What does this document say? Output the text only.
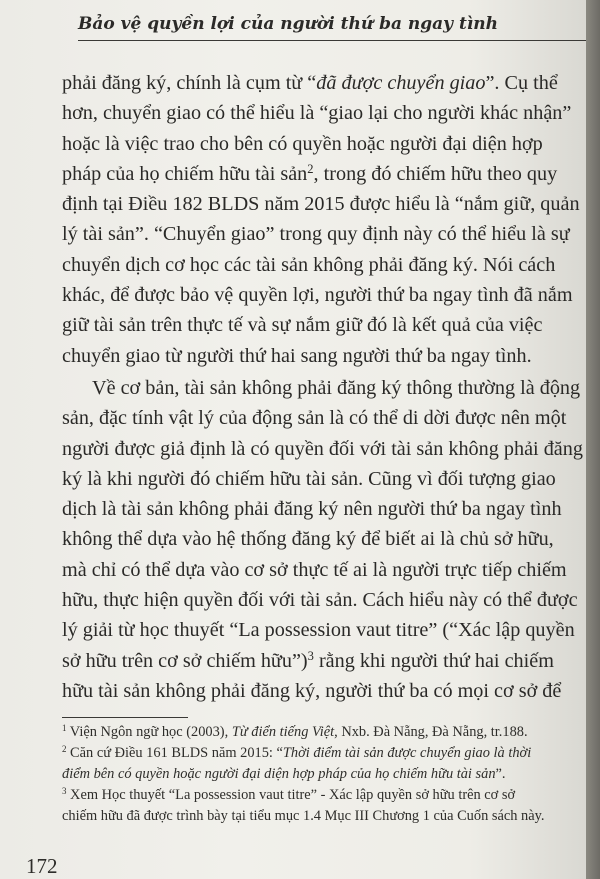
Bảo vệ quyền lợi của người thứ ba ngay tình

phải đăng ký, chính là cụm từ “đã được chuyển giao”. Cụ thể
hơn, chuyển giao có thể hiểu là “giao lại cho người khác nhận”
hoặc là việc trao cho bên có quyền hoặc người đại diện hợp
pháp của họ chiếm hữu tài sản$^2$, trong đó chiếm hữu theo quy
định tại Điều 182 BLDS năm 2015 được hiểu là “nắm giữ, quản
lý tài sản”. “Chuyển giao” trong quy định này có thể hiểu là sự
chuyển dịch cơ học các tài sản không phải đăng ký. Nói cách
khác, để được bảo vệ quyền lợi, người thứ ba ngay tình đã nắm
giữ tài sản trên thực tế và sự nắm giữ đó là kết quả của việc
chuyển giao từ người thứ hai sang người thứ ba ngay tình.

Về cơ bản, tài sản không phải đăng ký thông thường là động
sản, đặc tính vật lý của động sản là có thể di dời được nên một
người được giả định là có quyền đối với tài sản không phải đăng
ký là khi người đó chiếm hữu tài sản. Cũng vì đối tượng giao
dịch là tài sản không phải đăng ký nên người thứ ba ngay tình
không thể dựa vào hệ thống đăng ký để biết ai là chủ sở hữu,
mà chỉ có thể dựa vào cơ sở thực tế ai là người trực tiếp chiếm
hữu, thực hiện quyền đối với tài sản. Cách hiểu này có thể được
lý giải từ học thuyết “La possession vaut titre” (“Xác lập quyền
sở hữu trên cơ sở chiếm hữu”)$^3$ rằng khi người thứ hai chiếm
hữu tài sản không phải đăng ký, người thứ ba có mọi cơ sở để

$^1$ Viện Ngôn ngữ học (2003), Từ điển tiếng Việt, Nxb. Đà Nẵng, Đà Nẵng, tr.188.
$^2$ Căn cứ Điều 161 BLDS năm 2015: “Thời điểm tài sản được chuyển giao là thời
điểm bên có quyền hoặc người đại diện hợp pháp của họ chiếm hữu tài sản”.
$^3$ Xem Học thuyết “La possession vaut titre” - Xác lập quyền sở hữu trên cơ sở
chiếm hữu đã được trình bày tại tiểu mục 1.4 Mục III Chương 1 của Cuốn sách này.
172
